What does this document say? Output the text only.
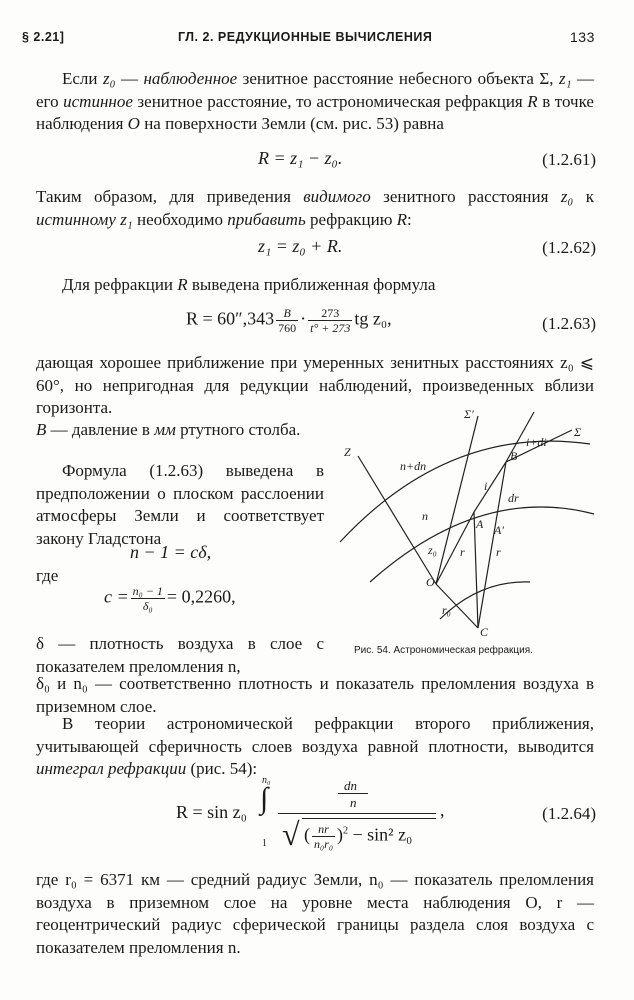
§ 2.21]	ГЛ. 2. РЕДУКЦИОННЫЕ ВЫЧИСЛЕНИЯ	133
Если z₀ — наблюденное зенитное расстояние небесного объекта Σ, z₁ — его истинное зенитное расстояние, то астрономическая рефракция R в точке наблюдения O на поверхности Земли (см. рис. 53) равна
R = z₁ − z₀.	(1.2.61)
Таким образом, для приведения видимого зенитного расстояния z₀ к истинному z₁ необходимо прибавить рефракцию R:
z₁ = z₀ + R.	(1.2.62)
Для рефракции R выведена приближенная формула
$R = 60'',343 \frac{B}{760} \cdot \frac{273}{t^\circ + 273}$ tg z₀,	(1.2.63)
дающая хорошее приближение при умеренных зенитных расстояниях z₀ ⩽ 60°, но непригодная для редукции наблюдений, произведенных вблизи горизонта.
B — давление в мм ртутного столба.
Формула (1.2.63) выведена в предположении о плоском расслоении атмосферы Земли и соответствует закону Гладстона
n − 1 = cδ,
где
$c = \frac{\text{n₀ − 1}}{\text{δ₀}} = 0,2260$,
δ — плотность воздуха в слое с показателем преломления n,
Σ′
Σ
Z
n+dn
n
B
i
i+di
dr
A A′
z₀ r	r
O
r₀
C
Рис. 54. Астрономическая рефракция.
δ₀ и n₀ — соответственно плотность и показатель преломления воздуха в приземном слое.
В теории астрономической рефракции второго приближения, учитывающей сферичность слоев воздуха равной плотности, выводится интеграл рефракции (рис. 54):
R = sin z₀ ∫
n₀
1
dn
n
√ ( $\frac{nr}{\text{n₀r₀}} )^2 - \sin^2$ z₀
,	(1.2.64)
где r₀ = 6371 км — средний радиус Земли, n₀ — показатель преломления воздуха в приземном слое на уровне места наблюдения O, r — геоцентрический радиус сферической границы раздела слоя воздуха с показателем преломления n.
